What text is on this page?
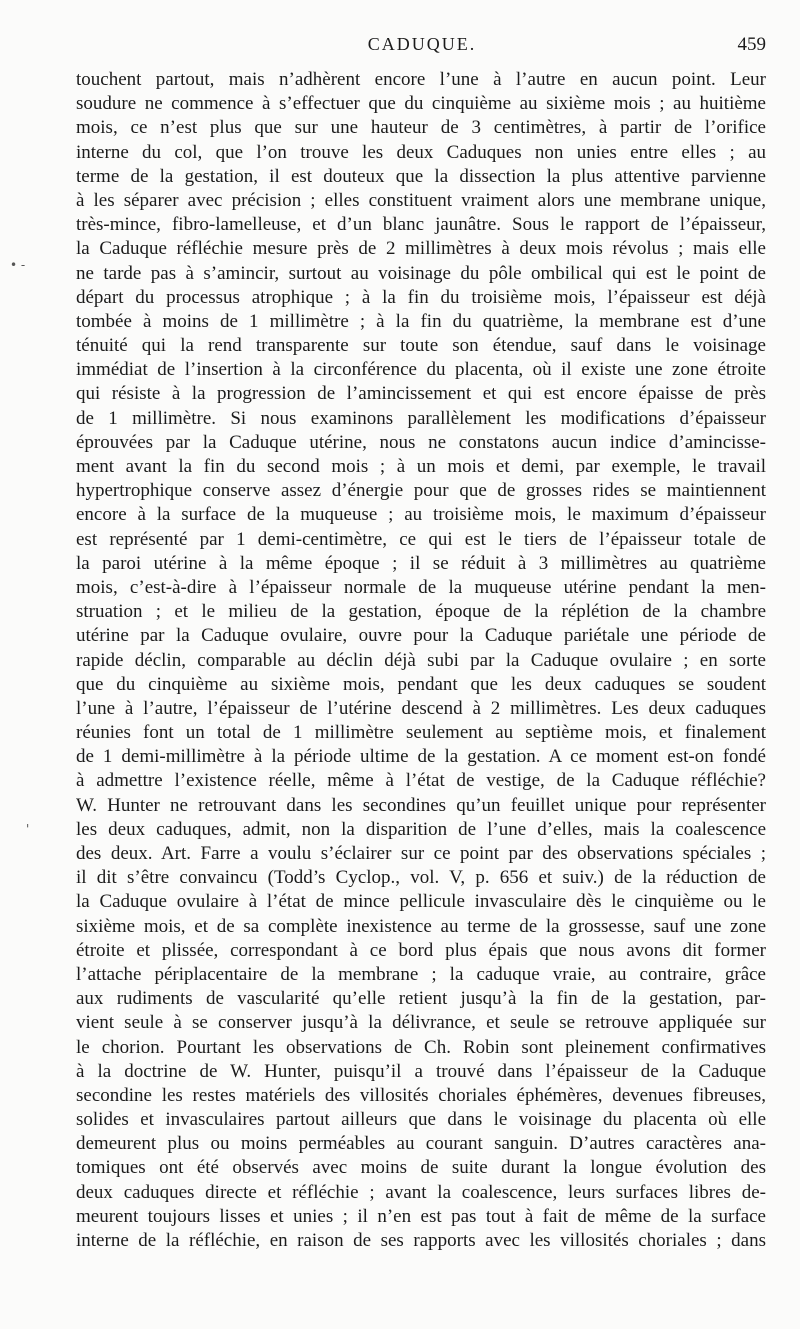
CADUQUE.	459
• -
'
touchent partout, mais n’adhèrent encore l’une à l’autre en aucun point. Leur
soudure ne commence à s’effectuer que du cinquième au sixième mois ; au huitième
mois, ce n’est plus que sur une hauteur de 3 centimètres, à partir de l’orifice
interne du col, que l’on trouve les deux Caduques non unies entre elles ; au
terme de la gestation, il est douteux que la dissection la plus attentive parvienne
à les séparer avec précision ; elles constituent vraiment alors une membrane unique,
très-mince, fibro-lamelleuse, et d’un blanc jaunâtre. Sous le rapport de l’épaisseur,
la Caduque réfléchie mesure près de 2 millimètres à deux mois révolus ; mais elle
ne tarde pas à s’amincir, surtout au voisinage du pôle ombilical qui est le point de
départ du processus atrophique ; à la fin du troisième mois, l’épaisseur est déjà
tombée à moins de 1 millimètre ; à la fin du quatrième, la membrane est d’une
ténuité qui la rend transparente sur toute son étendue, sauf dans le voisinage
immédiat de l’insertion à la circonférence du placenta, où il existe une zone étroite
qui résiste à la progression de l’amincissement et qui est encore épaisse de près
de 1 millimètre. Si nous examinons parallèlement les modifications d’épaisseur
éprouvées par la Caduque utérine, nous ne constatons aucun indice d’amincisse-
ment avant la fin du second mois ; à un mois et demi, par exemple, le travail
hypertrophique conserve assez d’énergie pour que de grosses rides se maintiennent
encore à la surface de la muqueuse ; au troisième mois, le maximum d’épaisseur
est représenté par 1 demi-centimètre, ce qui est le tiers de l’épaisseur totale de
la paroi utérine à la même époque ; il se réduit à 3 millimètres au quatrième
mois, c’est-à-dire à l’épaisseur normale de la muqueuse utérine pendant la men-
struation ; et le milieu de la gestation, époque de la réplétion de la chambre
utérine par la Caduque ovulaire, ouvre pour la Caduque pariétale une période de
rapide déclin, comparable au déclin déjà subi par la Caduque ovulaire ; en sorte
que du cinquième au sixième mois, pendant que les deux caduques se soudent
l’une à l’autre, l’épaisseur de l’utérine descend à 2 millimètres. Les deux caduques
réunies font un total de 1 millimètre seulement au septième mois, et finalement
de 1 demi-millimètre à la période ultime de la gestation. A ce moment est-on fondé
à admettre l’existence réelle, même à l’état de vestige, de la Caduque réfléchie?
W. Hunter ne retrouvant dans les secondines qu’un feuillet unique pour représenter
les deux caduques, admit, non la disparition de l’une d’elles, mais la coalescence
des deux. Art. Farre a voulu s’éclairer sur ce point par des observations spéciales ;
il dit s’être convaincu (Todd’s Cyclop., vol. V, p. 656 et suiv.) de la réduction de
la Caduque ovulaire à l’état de mince pellicule invasculaire dès le cinquième ou le
sixième mois, et de sa complète inexistence au terme de la grossesse, sauf une zone
étroite et plissée, correspondant à ce bord plus épais que nous avons dit former
l’attache périplacentaire de la membrane ; la caduque vraie, au contraire, grâce
aux rudiments de vascularité qu’elle retient jusqu’à la fin de la gestation, par-
vient seule à se conserver jusqu’à la délivrance, et seule se retrouve appliquée sur
le chorion. Pourtant les observations de Ch. Robin sont pleinement confirmatives
à la doctrine de W. Hunter, puisqu’il a trouvé dans l’épaisseur de la Caduque
secondine les restes matériels des villosités choriales éphémères, devenues fibreuses,
solides et invasculaires partout ailleurs que dans le voisinage du placenta où elle
demeurent plus ou moins perméables au courant sanguin. D’autres caractères ana-
tomiques ont été observés avec moins de suite durant la longue évolution des
deux caduques directe et réfléchie ; avant la coalescence, leurs surfaces libres de-
meurent toujours lisses et unies ; il n’en est pas tout à fait de même de la surface
interne de la réfléchie, en raison de ses rapports avec les villosités choriales ; dans
